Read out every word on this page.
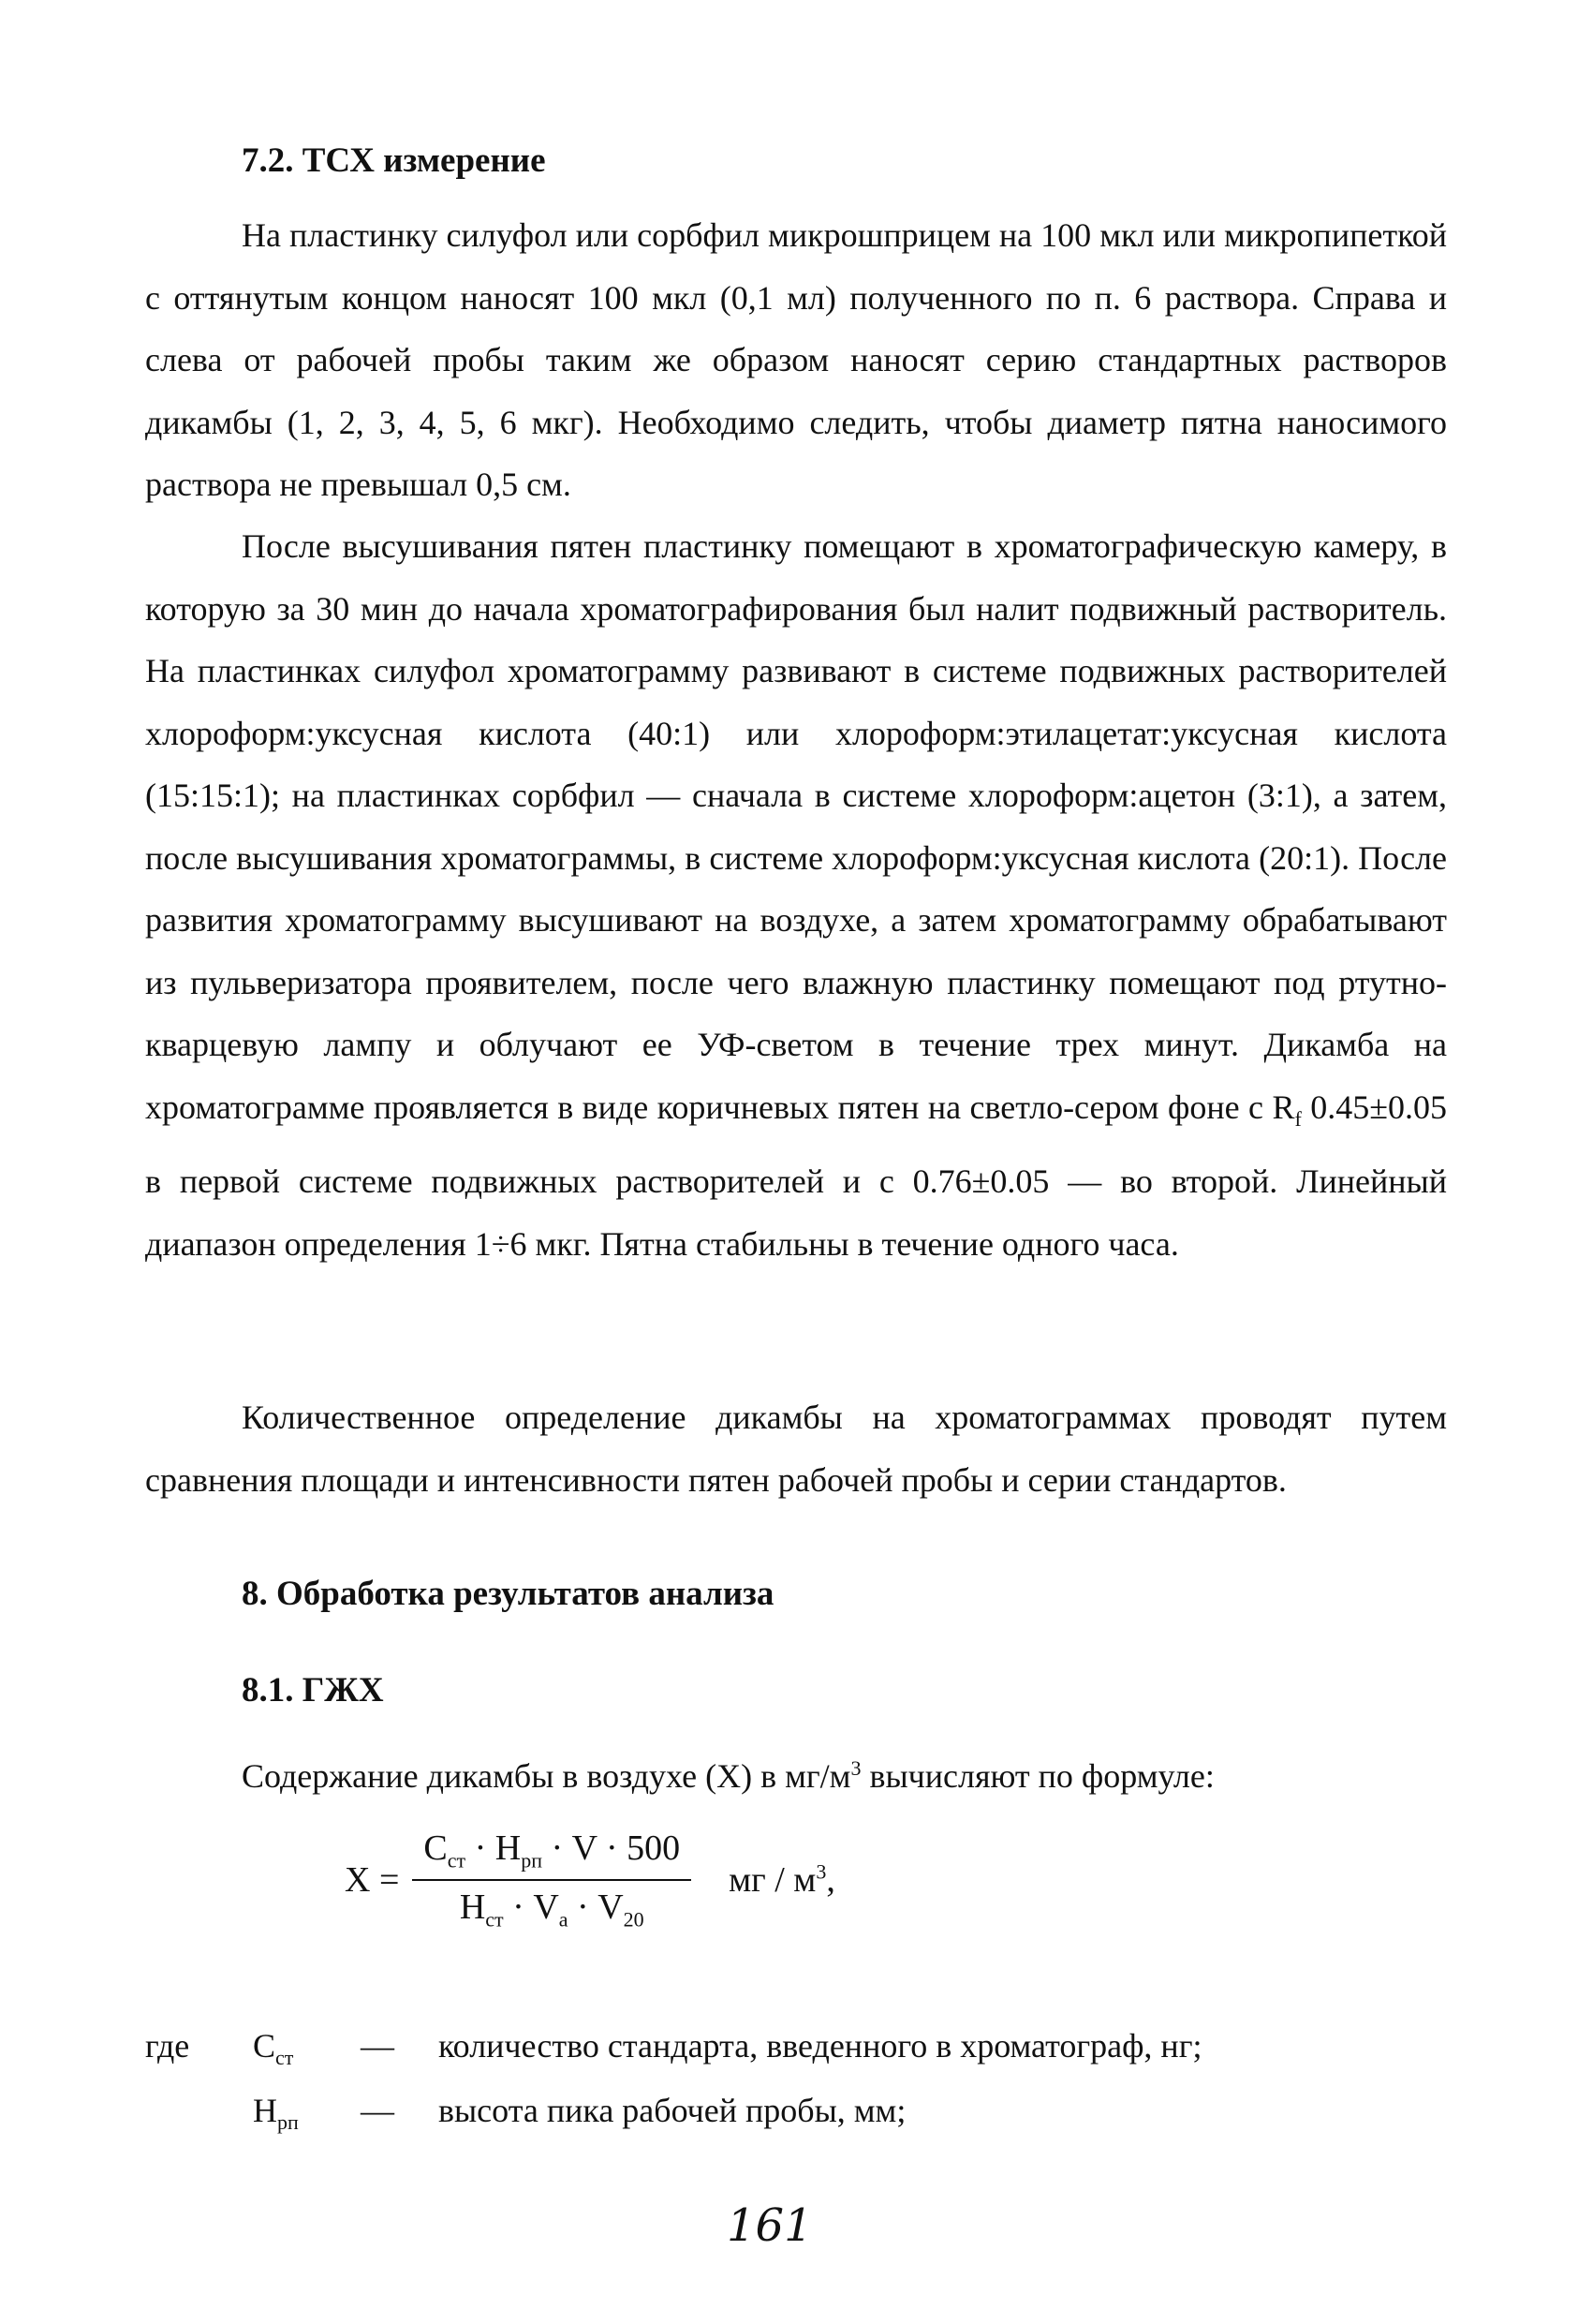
7.2. ТСХ измерение

На пластинку силуфол или сорбфил микрошприцем на 100 мкл или микропипеткой с оттянутым концом наносят 100 мкл (0,1 мл) полученного по п. 6 раствора. Справа и слева от рабочей пробы таким же образом наносят серию стандартных растворов дикамбы (1, 2, 3, 4, 5, 6 мкг). Необходимо следить, чтобы диаметр пятна наносимого раствора не превышал 0,5 см.

После высушивания пятен пластинку помещают в хроматографическую камеру, в которую за 30 мин до начала хроматографирования был налит подвижный растворитель. На пластинках силуфол хроматограмму развивают в системе подвижных растворителей хлороформ:уксусная кислота (40:1) или хлороформ:этилацетат:уксусная кислота (15:15:1); на пластинках сорбфил — сначала в системе хлороформ:ацетон (3:1), а затем, после высушивания хроматограммы, в системе хлороформ:уксусная кислота (20:1). После развития хроматограмму высушивают на воздухе, а затем хроматограмму обрабатывают из пульверизатора проявителем, после чего влажную пластинку помещают под ртутно-кварцевую лампу и облучают ее УФ-светом в течение трех минут. Дикамба на хроматограмме проявляется в виде коричневых пятен на светло-сером фоне с $R_f$ 0.45±0.05 в первой системе подвижных растворителей и с 0.76±0.05 — во второй. Линейный диапазон определения 1÷6 мкг. Пятна стабильны в течение одного часа.

Количественное определение дикамбы на хроматограммах проводят путем сравнения площади и интенсивности пятен рабочей пробы и серии стандартов.

8. Обработка результатов анализа
8.1. ГЖХ

Содержание дикамбы в воздухе (X) в $мг/м^3$ вычисляют по формуле:

$X = \frac{C_{ст} \cdot H_{рп} \cdot V \cdot 500}{H_{ст} \cdot V_а \cdot V_{20}}$ мг / $м^3$,
где $C_{ст}$ — количество стандарта, введенного в хроматограф, нг;
$H_{рп}$ — высота пика рабочей пробы, мм;
161
